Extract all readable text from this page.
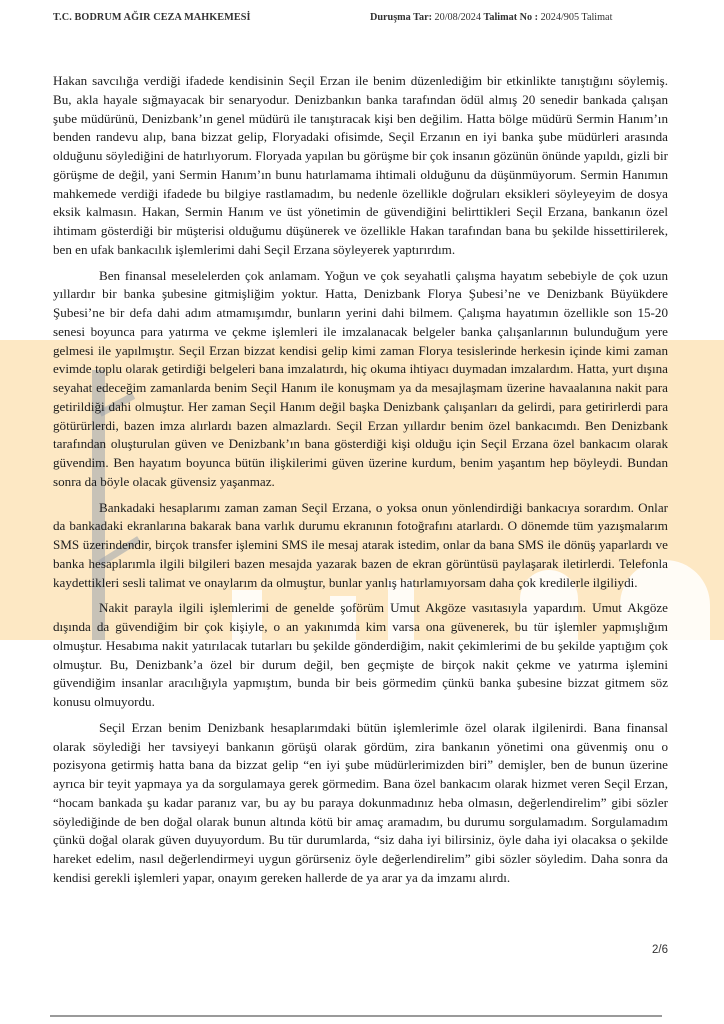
T.C. BODRUM AĞIR CEZA MAHKEMESİ	Duruşma Tar: 20/08/2024 Talimat No : 2024/905 Talimat

Hakan savcılığa verdiği ifadede kendisinin Seçil Erzan ile benim düzenlediğim bir etkinlikte tanıştığını söylemiş. Bu, akla hayale sığmayacak bir senaryodur. Denizbankın banka tarafından ödül almış 20 senedir bankada çalışan şube müdürünü, Denizbank’ın genel müdürü ile tanıştıracak kişi ben değilim. Hatta bölge müdürü Sermin Hanım’ın benden randevu alıp, bana bizzat gelip, Floryadaki ofisimde, Seçil Erzanın en iyi banka şube müdürleri arasında olduğunu söylediğini de hatırlıyorum. Floryada yapılan bu görüşme bir çok insanın gözünün önünde yapıldı, gizli bir görüşme de değil, yani Sermin Hanım’ın bunu hatırlamama ihtimali olduğunu da düşünmüyorum. Sermin Hanımın mahkemede verdiği ifadede bu bilgiye rastlamadım, bu nedenle özellikle doğruları eksikleri söyleyeyim de dosya eksik kalmasın. Hakan, Sermin Hanım ve üst yönetimin de güvendiğini belirttikleri Seçil Erzana, bankanın özel ihtimam gösterdiği bir müşterisi olduğumu düşünerek ve özellikle Hakan tarafından bana bu şekilde hissettirilerek, ben en ufak bankacılık işlemlerimi dahi Seçil Erzana söyleyerek yaptırırdım.

Ben finansal meselelerden çok anlamam. Yoğun ve çok seyahatli çalışma hayatım sebebiyle de çok uzun yıllardır bir banka şubesine gitmişliğim yoktur. Hatta, Denizbank Florya Şubesi’ne ve Denizbank Büyükdere Şubesi’ne bir defa dahi adım atmamışımdır, bunların yerini dahi bilmem. Çalışma hayatımın özellikle son 15-20 senesi boyunca para yatırma ve çekme işlemleri ile imzalanacak belgeler banka çalışanlarının bulunduğum yere gelmesi ile yapılmıştır. Seçil Erzan bizzat kendisi gelip kimi zaman Florya tesislerinde herkesin içinde kimi zaman evimde toplu olarak getirdiği belgeleri bana imzalatırdı, hiç okuma ihtiyacı duymadan imzalardım. Hatta, yurt dışına seyahat edeceğim zamanlarda benim Seçil Hanım ile konuşmam ya da mesajlaşmam üzerine havaalanına nakit para getirildiği dahi olmuştur. Her zaman Seçil Hanım değil başka Denizbank çalışanları da gelirdi, para getirirlerdi para götürürlerdi, bazen imza alırlardı bazen almazlardı. Seçil Erzan yıllardır benim özel bankacımdı. Ben Denizbank tarafından oluşturulan güven ve Denizbank’ın bana gösterdiği kişi olduğu için Seçil Erzana özel bankacım olarak güvendim. Ben hayatım boyunca bütün ilişkilerimi güven üzerine kurdum, benim yaşantım hep böyleydi. Bundan sonra da böyle olacak güvensiz yaşanmaz.

Bankadaki hesaplarımı zaman zaman Seçil Erzana, o yoksa onun yönlendirdiği bankacıya sorardım. Onlar da bankadaki ekranlarına bakarak bana varlık durumu ekranının fotoğrafını atarlardı. O dönemde tüm yazışmalarım SMS üzerindendir, birçok transfer işlemini SMS ile mesaj atarak istedim, onlar da bana SMS ile dönüş yaparlardı ve banka hesaplarımla ilgili bilgileri bazen mesajda yazarak bazen de ekran görüntüsü paylaşarak iletirlerdi. Telefonla kaydettikleri sesli talimat ve onaylarım da olmuştur, bunlar yanlış hatırlamıyorsam daha çok kredilerle ilgiliydi.

Nakit parayla ilgili işlemlerimi de genelde şoförüm Umut Akgöze vasıtasıyla yapardım. Umut Akgöze dışında da güvendiğim bir çok kişiyle, o an yakınımda kim varsa ona güvenerek, bu tür işlemler yapmışlığım olmuştur. Hesabıma nakit yatırılacak tutarları bu şekilde gönderdiğim, nakit çekimlerimi de bu şekilde yaptığım çok olmuştur. Bu, Denizbank’a özel bir durum değil, ben geçmişte de birçok nakit çekme ve yatırma işlemini güvendiğim insanlar aracılığıyla yapmıştım, bunda bir beis görmedim çünkü banka şubesine bizzat gitmem söz konusu olmuyordu.

Seçil Erzan benim Denizbank hesaplarımdaki bütün işlemlerimle özel olarak ilgilenirdi. Bana finansal olarak söylediği her tavsiyeyi bankanın görüşü olarak gördüm, zira bankanın yönetimi ona güvenmiş onu o pozisyona getirmiş hatta bana da bizzat gelip “en iyi şube müdürlerimizden biri” demişler, ben de bunun üzerine ayrıca bir teyit yapmaya ya da sorgulamaya gerek görmedim. Bana özel bankacım olarak hizmet veren Seçil Erzan, “hocam bankada şu kadar paranız var, bu ay bu paraya dokunmadınız heba olmasın, değerlendirelim” gibi sözler söylediğinde de ben doğal olarak bunun altında kötü bir amaç aramadım, bu durumu sorgulamadım. Sorgulamadım çünkü doğal olarak güven duyuyordum. Bu tür durumlarda, “siz daha iyi bilirsiniz, öyle daha iyi olacaksa o şekilde hareket edelim, nasıl değerlendirmeyi uygun görürseniz öyle değerlendirelim” gibi sözler söyledim. Daha sonra da kendisi gerekli işlemleri yapar, onayım gereken hallerde de ya arar ya da imzamı alırdı.

2/6
